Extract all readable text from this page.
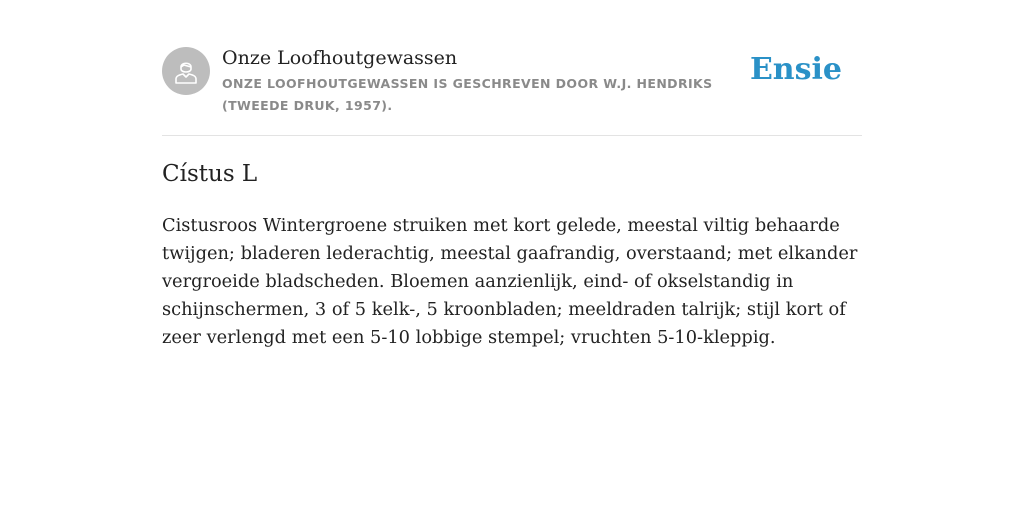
Onze Loofhoutgewassen
ONZE LOOFHOUTGEWASSEN IS GESCHREVEN DOOR W.J. HENDRIKS (TWEEDE DRUK, 1957).
Ensie
Cístus L

Cistusroos Wintergroene struiken met kort gelede, meestal viltig behaarde twijgen; bladeren lederachtig, meestal gaafrandig, overstaand; met elkander vergroeide bladscheden. Bloemen aanzienlijk, eind- of okselstandig in schijnschermen, 3 of 5 kelk-, 5 kroonbladen; meeldraden talrijk; stijl kort of zeer verlengd met een 5-10 lobbige stempel; vruchten 5-10-kleppig.
